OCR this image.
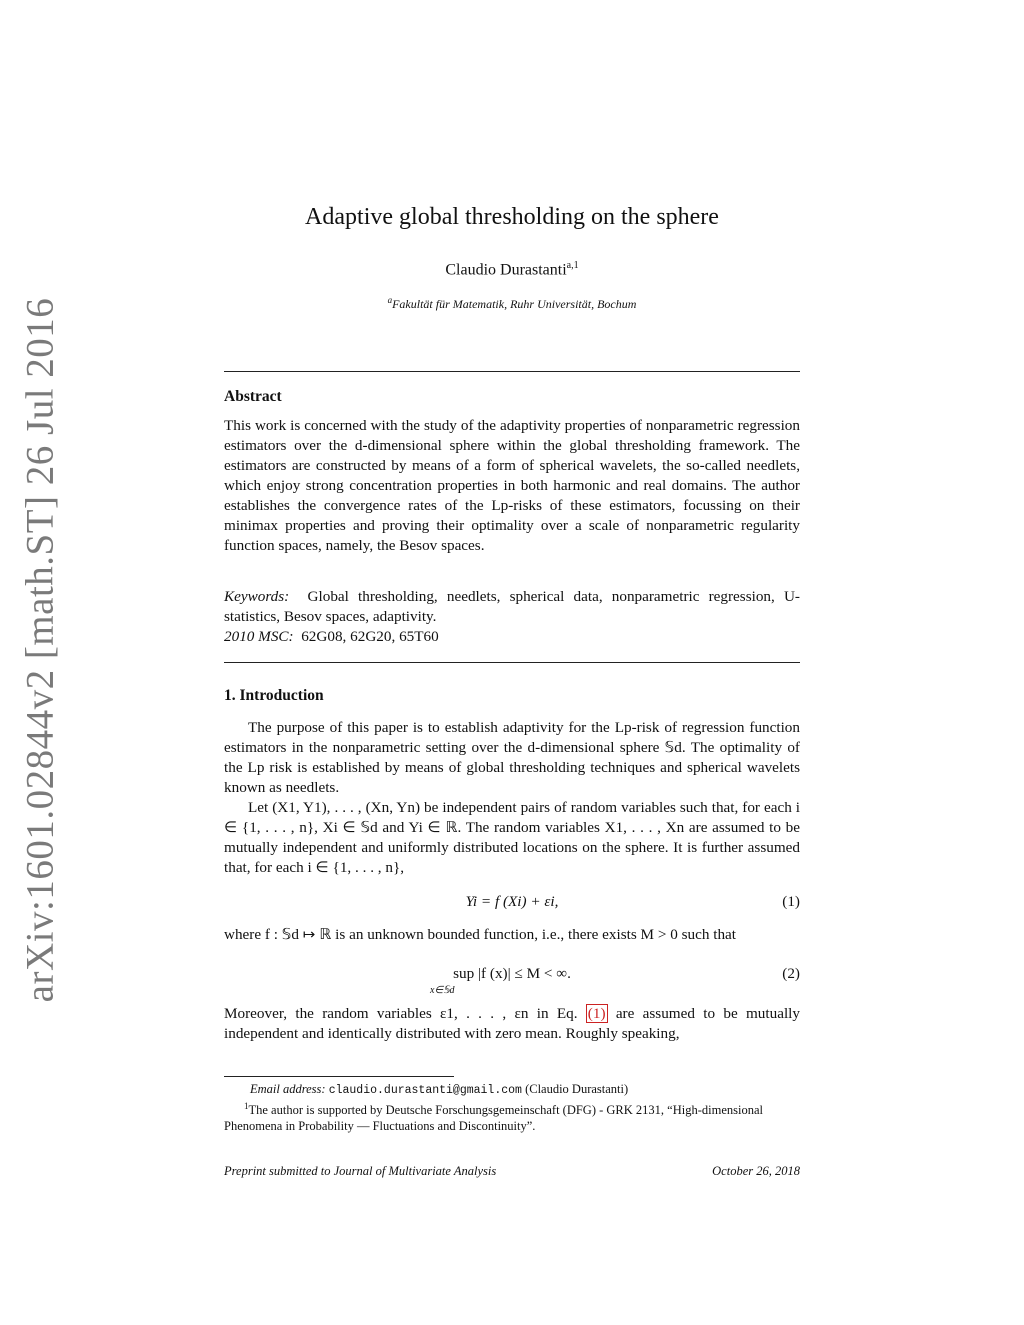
arXiv:1601.02844v2 [math.ST] 26 Jul 2016
Adaptive global thresholding on the sphere
Claudio Durastanti$^{a,1}$
$^a$Fakultät für Matematik, Ruhr Universität, Bochum

Abstract

This work is concerned with the study of the adaptivity properties of nonparametric regression estimators over the d-dimensional sphere within the global thresholding framework. The estimators are constructed by means of a form of spherical wavelets, the so-called needlets, which enjoy strong concentration properties in both harmonic and real domains. The author establishes the convergence rates of the Lp-risks of these estimators, focussing on their minimax properties and proving their optimality over a scale of nonparametric regularity function spaces, namely, the Besov spaces.

Keywords: Global thresholding, needlets, spherical data, nonparametric regression, U-statistics, Besov spaces, adaptivity.

2010 MSC: 62G08, 62G20, 65T60

1. Introduction

The purpose of this paper is to establish adaptivity for the Lp-risk of regression function estimators in the nonparametric setting over the d-dimensional sphere 𝕊d. The optimality of the Lp risk is established by means of global thresholding techniques and spherical wavelets known as needlets.

Let (X1, Y1), . . . , (Xn, Yn) be independent pairs of random variables such that, for each i ∈ {1, . . . , n}, Xi ∈ 𝕊d and Yi ∈ ℝ. The random variables X1, . . . , Xn are assumed to be mutually independent and uniformly distributed locations on the sphere. It is further assumed that, for each i ∈ {1, . . . , n},

Yi = f (Xi) + εi,	(1)

where f : 𝕊d ↦ ℝ is an unknown bounded function, i.e., there exists M > 0 such that

sup |f (x)| ≤ M < ∞.
x∈𝕊d
(2)

Moreover, the random variables ε1, . . . , εn in Eq. (1) are assumed to be mutually independent and identically distributed with zero mean. Roughly speaking,

Email address: claudio.durastanti@gmail.com (Claudio Durastanti)
$^1$The author is supported by Deutsche Forschungsgemeinschaft (DFG) - GRK 2131, “High-dimensional Phenomena in Probability — Fluctuations and Discontinuity”.
Preprint submitted to Journal of Multivariate Analysis	October 26, 2018
